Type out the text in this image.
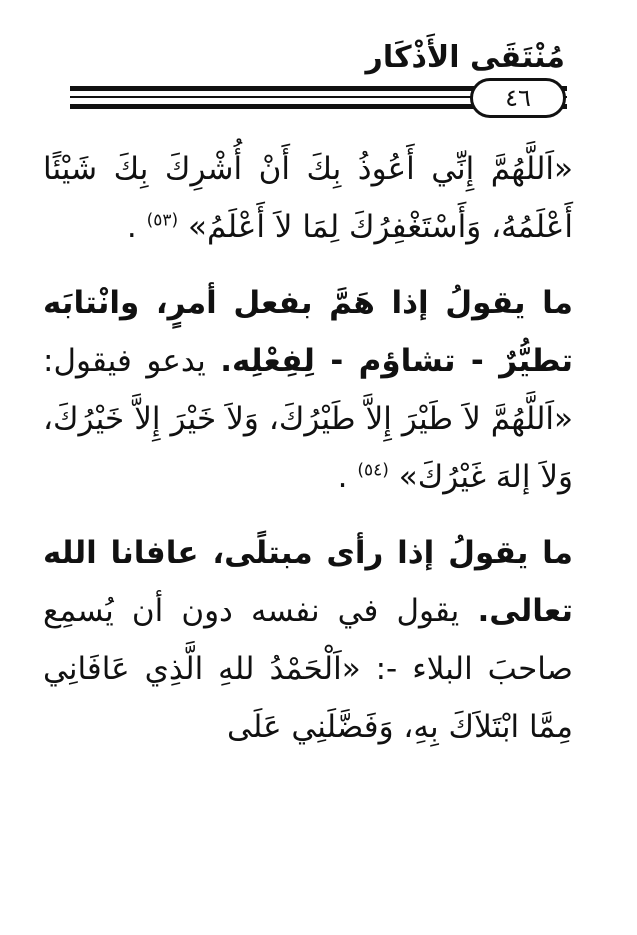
مُنْتَقَى الأَذْكَار
٤٦

«اَللَّهُمَّ إِنِّي أَعُوذُ بِكَ أَنْ أُشْرِكَ بِكَ شَيْئًا أَعْلَمُهُ، وَأَسْتَغْفِرُكَ لِمَا لاَ أَعْلَمُ» $^{(٥٣)}$ .

ما يقولُ إذا هَمَّ بفعل أمرٍ، وانْتابَه تطيُّرٌ - تشاؤم - لِفِعْلِه. يدعو فيقول: «اَللَّهُمَّ لاَ طَيْرَ إِلاَّ طَيْرُكَ، وَلاَ خَيْرَ إِلاَّ خَيْرُكَ، وَلاَ إلهَ غَيْرُكَ» $^{(٥٤)}$ .

ما يقولُ إذا رأى مبتلًى، عافانا الله تعالى. يقول في نفسه دون أن يُسمِع صاحبَ البلاء -: «اَلْحَمْدُ للهِ الَّذِي عَافَانِي مِمَّا ابْتَلاَكَ بِهِ، وَفَضَّلَنِي عَلَى
